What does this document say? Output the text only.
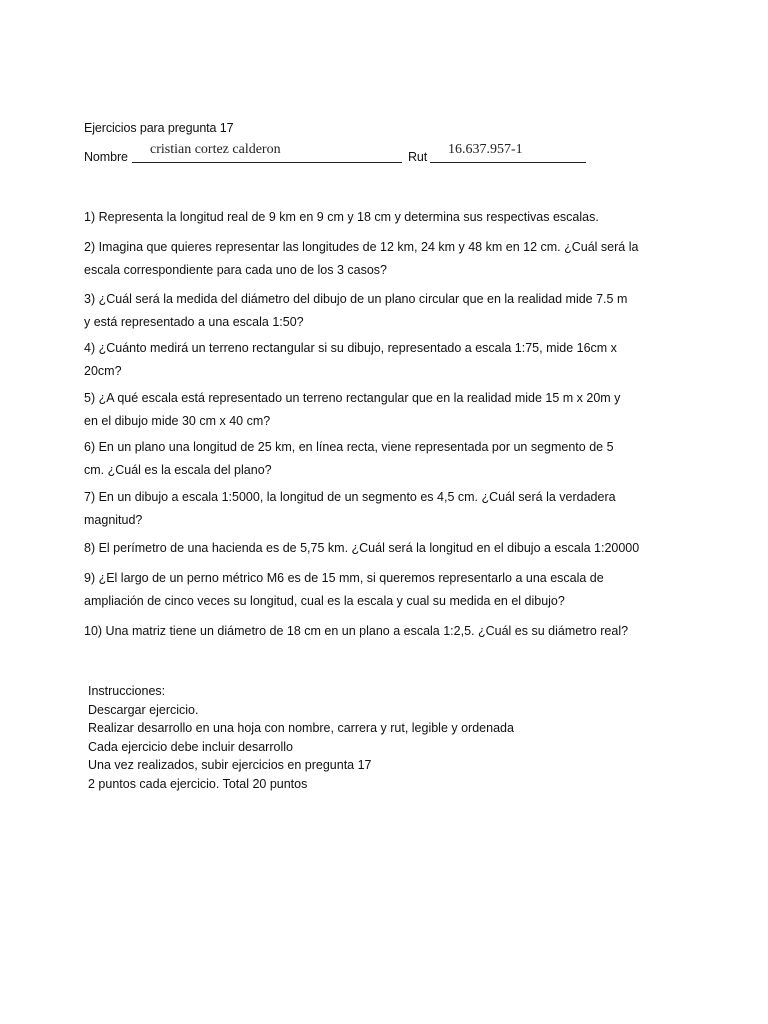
Ejercicios para pregunta 17
Nombre cristian cortez calderon	Rut 16.637.957-1
1) Representa la longitud real de 9 km en 9 cm y 18 cm y determina sus respectivas escalas.
2) Imagina que quieres representar las longitudes de 12 km, 24 km y 48 km en 12 cm. ¿Cuál será la
escala correspondiente para cada uno de los 3 casos?
3) ¿Cuál será la medida del diámetro del dibujo de un plano circular que en la realidad mide 7.5 m
y está representado a una escala 1:50?
4) ¿Cuánto medirá un terreno rectangular si su dibujo, representado a escala 1:75, mide 16cm x
20cm?
5) ¿A qué escala está representado un terreno rectangular que en la realidad mide 15 m x 20m y
en el dibujo mide 30 cm x 40 cm?
6) En un plano una longitud de 25 km, en línea recta, viene representada por un segmento de 5
cm. ¿Cuál es la escala del plano?
7) En un dibujo a escala 1:5000, la longitud de un segmento es 4,5 cm. ¿Cuál será la verdadera
magnitud?
8) El perímetro de una hacienda es de 5,75 km. ¿Cuál será la longitud en el dibujo a escala 1:20000
9) ¿El largo de un perno métrico M6 es de 15 mm, si queremos representarlo a una escala de
ampliación de cinco veces su longitud, cual es la escala y cual su medida en el dibujo?
10) Una matriz tiene un diámetro de 18 cm en un plano a escala 1:2,5. ¿Cuál es su diámetro real?
Instrucciones:
Descargar ejercicio.
Realizar desarrollo en una hoja con nombre, carrera y rut, legible y ordenada
Cada ejercicio debe incluir desarrollo
Una vez realizados, subir ejercicios en pregunta 17
2 puntos cada ejercicio. Total 20 puntos
